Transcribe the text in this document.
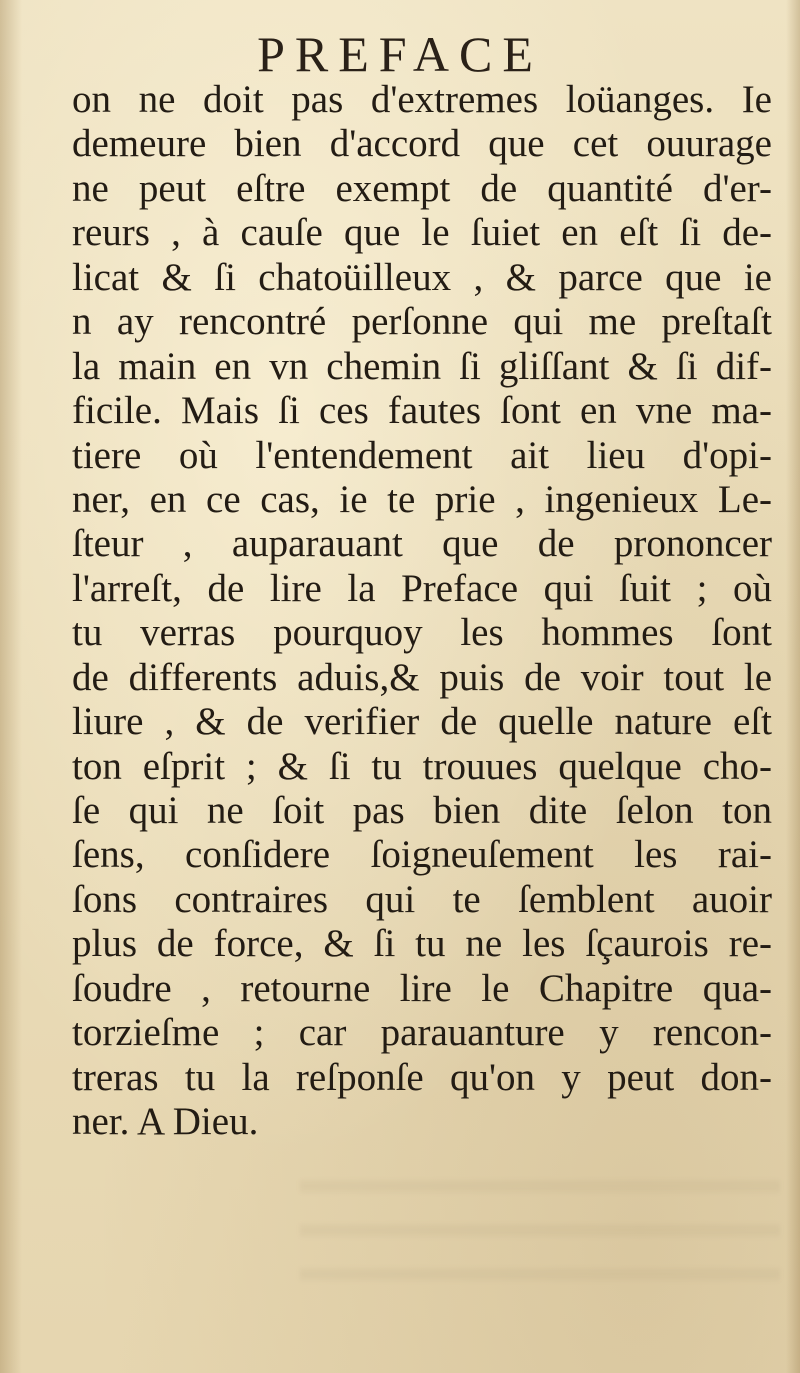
PREFACE
on ne doit pas d'extremes loüanges. Ie
demeure bien d'accord que cet ouurage
ne peut eſtre exempt de quantité d'er-
reurs , à cauſe que le ſuiet en eſt ſi de-
licat & ſi chatoüilleux , & parce que ie
n ay rencontré perſonne qui me preſtaſt
la main en vn chemin ſi gliſſant & ſi dif-
ficile. Mais ſi ces fautes ſont en vne ma-
tiere où l'entendement ait lieu d'opi-
ner, en ce cas, ie te prie , ingenieux Le-
ſteur , auparauant que de prononcer
l'arreſt, de lire la Preface qui ſuit ; où
tu verras pourquoy les hommes ſont
de differents aduis,& puis de voir tout le
liure , & de verifier de quelle nature eſt
ton eſprit ; & ſi tu trouues quelque cho-
ſe qui ne ſoit pas bien dite ſelon ton
ſens, conſidere ſoigneuſement les rai-
ſons contraires qui te ſemblent auoir
plus de force, & ſi tu ne les ſçaurois re-
ſoudre , retourne lire le Chapitre qua-
torzieſme ; car parauanture y rencon-
treras tu la reſponſe qu'on y peut don-
ner. A Dieu.
